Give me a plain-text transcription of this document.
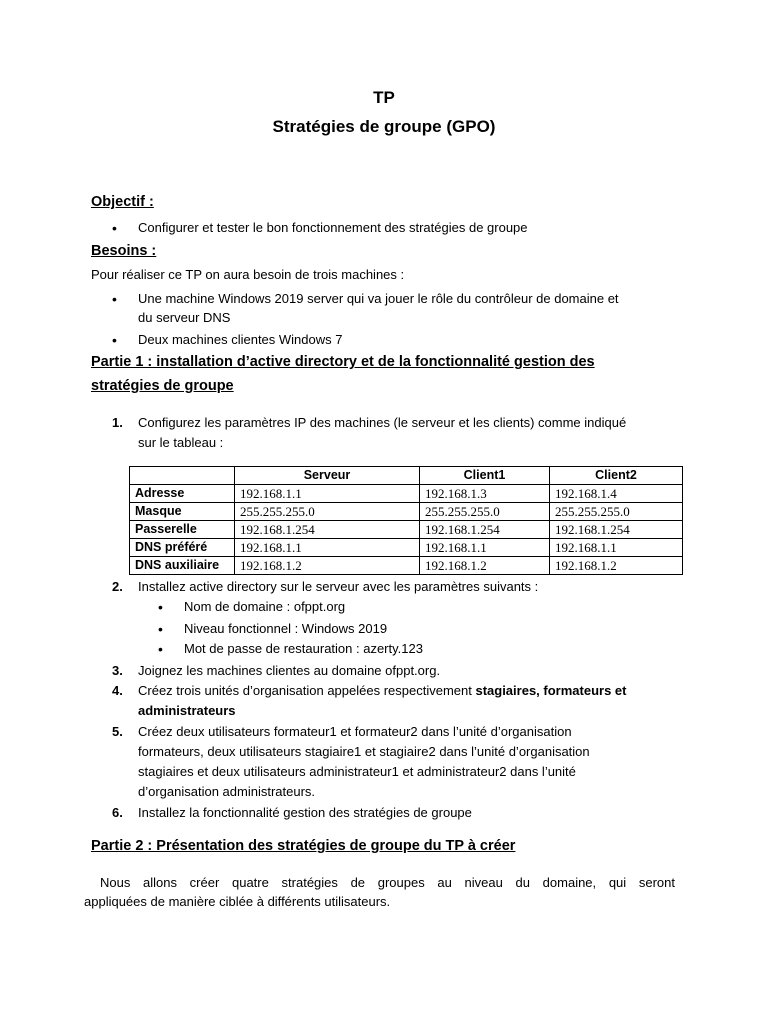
TP
Stratégies de groupe (GPO)
Objectif :
• Configurer et tester le bon fonctionnement des stratégies de groupe
Besoins :
Pour réaliser ce TP on aura besoin de trois machines :
• Une machine Windows 2019 server qui va jouer le rôle du contrôleur de domaine et
du serveur DNS
• Deux machines clientes Windows 7
Partie 1 : installation d’active directory et de la fonctionnalité gestion des
stratégies de groupe
1. Configurez les paramètres IP des machines (le serveur et les clients) comme indiqué
sur le tableau :
	Serveur	Client1	Client2
Adresse	192.168.1.1	192.168.1.3	192.168.1.4
Masque	255.255.255.0	255.255.255.0	255.255.255.0
Passerelle	192.168.1.254	192.168.1.254	192.168.1.254
DNS préféré	192.168.1.1	192.168.1.1	192.168.1.1
DNS auxiliaire	192.168.1.2	192.168.1.2	192.168.1.2
2. Installez active directory sur le serveur avec les paramètres suivants :
• Nom de domaine : ofppt.org
• Niveau fonctionnel : Windows 2019
• Mot de passe de restauration : azerty.123
3. Joignez les machines clientes au domaine ofppt.org.
4. Créez trois unités d’organisation appelées respectivement stagiaires, formateurs et
administrateurs
5. Créez deux utilisateurs formateur1 et formateur2 dans l’unité d’organisation
formateurs, deux utilisateurs stagiaire1 et stagiaire2 dans l’unité d’organisation
stagiaires et deux utilisateurs administrateur1 et administrateur2 dans l’unité
d’organisation administrateurs.
6. Installez la fonctionnalité gestion des stratégies de groupe
Partie 2 : Présentation des stratégies de groupe du TP à créer
Nous allons créer quatre stratégies de groupes au niveau du domaine, qui seront
appliquées de manière ciblée à différents utilisateurs.
